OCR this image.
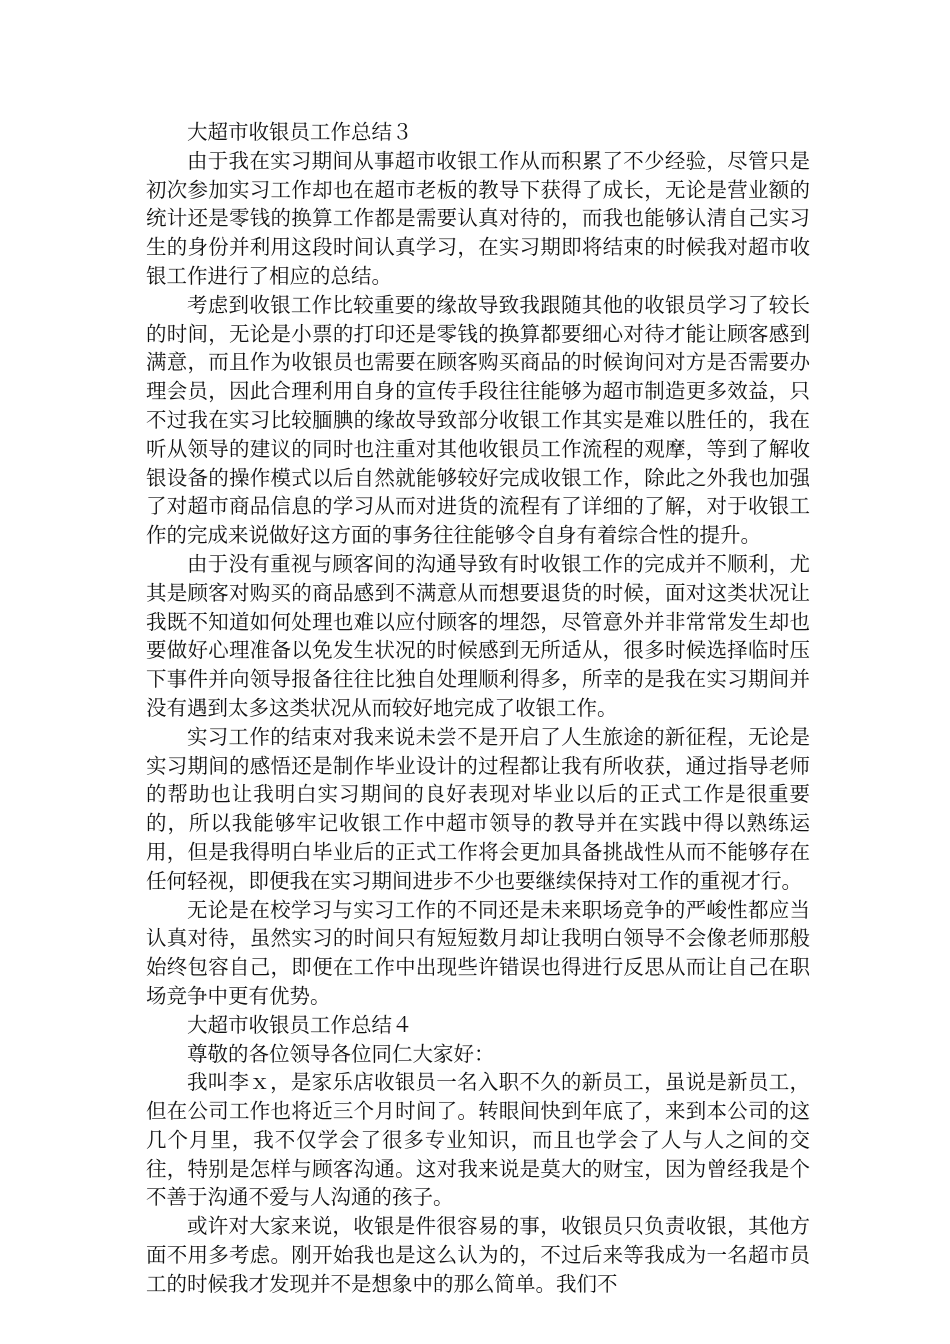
大超市收银员工作总结３

由于我在实习期间从事超市收银工作从而积累了不少经验，尽管只是初次参加实习工作却也在超市老板的教导下获得了成长，无论是营业额的统计还是零钱的换算工作都是需要认真对待的，而我也能够认清自己实习生的身份并利用这段时间认真学习，在实习期即将结束的时候我对超市收银工作进行了相应的总结。

考虑到收银工作比较重要的缘故导致我跟随其他的收银员学习了较长的时间，无论是小票的打印还是零钱的换算都要细心对待才能让顾客感到满意，而且作为收银员也需要在顾客购买商品的时候询问对方是否需要办理会员，因此合理利用自身的宣传手段往往能够为超市制造更多效益，只不过我在实习比较腼腆的缘故导致部分收银工作其实是难以胜任的，我在听从领导的建议的同时也注重对其他收银员工作流程的观摩，等到了解收银设备的操作模式以后自然就能够较好完成收银工作，除此之外我也加强了对超市商品信息的学习从而对进货的流程有了详细的了解，对于收银工作的完成来说做好这方面的事务往往能够令自身有着综合性的提升。

由于没有重视与顾客间的沟通导致有时收银工作的完成并不顺利，尤其是顾客对购买的商品感到不满意从而想要退货的时候，面对这类状况让我既不知道如何处理也难以应付顾客的埋怨，尽管意外并非常常发生却也要做好心理准备以免发生状况的时候感到无所适从，很多时候选择临时压下事件并向领导报备往往比独自处理顺利得多，所幸的是我在实习期间并没有遇到太多这类状况从而较好地完成了收银工作。

实习工作的结束对我来说未尝不是开启了人生旅途的新征程，无论是实习期间的感悟还是制作毕业设计的过程都让我有所收获，通过指导老师的帮助也让我明白实习期间的良好表现对毕业以后的正式工作是很重要的，所以我能够牢记收银工作中超市领导的教导并在实践中得以熟练运用，但是我得明白毕业后的正式工作将会更加具备挑战性从而不能够存在任何轻视，即便我在实习期间进步不少也要继续保持对工作的重视才行。

无论是在校学习与实习工作的不同还是未来职场竞争的严峻性都应当认真对待，虽然实习的时间只有短短数月却让我明白领导不会像老师那般始终包容自己，即便在工作中出现些许错误也得进行反思从而让自己在职场竞争中更有优势。

大超市收银员工作总结４

尊敬的各位领导各位同仁大家好：

我叫李ｘ，是家乐店收银员一名入职不久的新员工，虽说是新员工，但在公司工作也将近三个月时间了。转眼间快到年底了，来到本公司的这几个月里，我不仅学会了很多专业知识，而且也学会了人与人之间的交往，特别是怎样与顾客沟通。这对我来说是莫大的财宝，因为曾经我是个不善于沟通不爱与人沟通的孩子。

或许对大家来说，收银是件很容易的事，收银员只负责收银，其他方面不用多考虑。刚开始我也是这么认为的，不过后来等我成为一名超市员工的时候我才发现并不是想象中的那么简单。我们不
